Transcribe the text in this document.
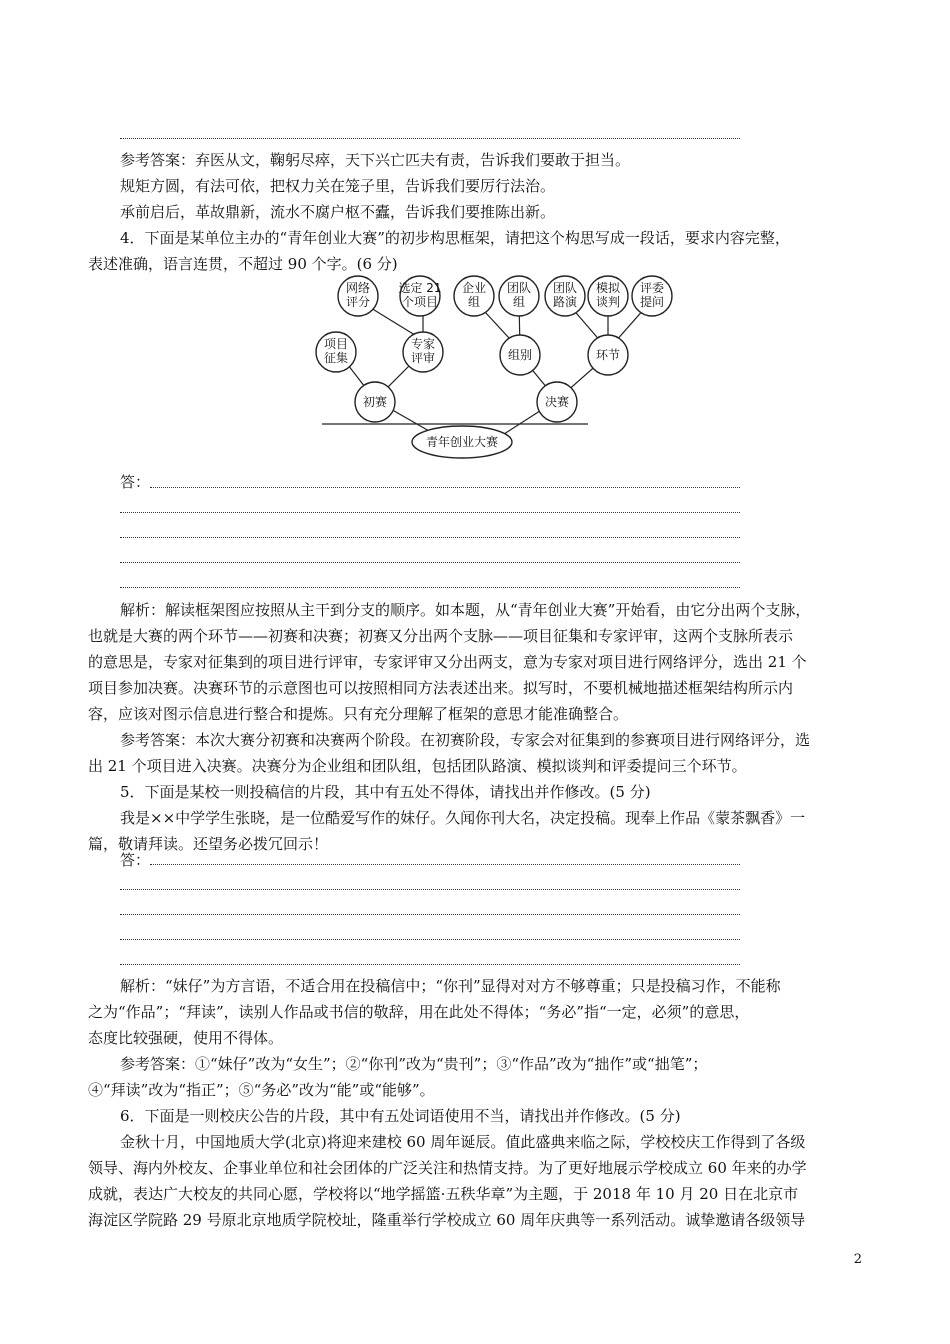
参考答案：弃医从文，鞠躬尽瘁，天下兴亡匹夫有责，告诉我们要敢于担当。
规矩方圆，有法可依，把权力关在笼子里，告诉我们要厉行法治。
承前启后，革故鼎新，流水不腐户枢不蠹，告诉我们要推陈出新。
4．下面是某单位主办的“青年创业大赛”的初步构思框架，请把这个构思写成一段话，要求内容完整，
表述准确，语言连贯，不超过 90 个字。(6 分)
网络
评分
选定 21
个项目
企业
组
团队
组
团队
路演
模拟
谈判
评委
提问
项目
征集
专家
评审	组别	环节
初赛	决赛
青年创业大赛
答：
解析：解读框架图应按照从主干到分支的顺序。如本题，从“青年创业大赛”开始看，由它分出两个支脉，
也就是大赛的两个环节——初赛和决赛；初赛又分出两个支脉——项目征集和专家评审，这两个支脉所表示
的意思是，专家对征集到的项目进行评审，专家评审又分出两支，意为专家对项目进行网络评分，选出 21 个
项目参加决赛。决赛环节的示意图也可以按照相同方法表述出来。拟写时，不要机械地描述框架结构所示内
容，应该对图示信息进行整合和提炼。只有充分理解了框架的意思才能准确整合。
参考答案：本次大赛分初赛和决赛两个阶段。在初赛阶段，专家会对征集到的参赛项目进行网络评分，选
出 21 个项目进入决赛。决赛分为企业组和团队组，包括团队路演、模拟谈判和评委提问三个环节。
5．下面是某校一则投稿信的片段，其中有五处不得体，请找出并作修改。(5 分)
我是××中学学生张晓，是一位酷爱写作的妹仔。久闻你刊大名，决定投稿。现奉上作品《蒙茶飘香》一
篇，敬请拜读。还望务必拨冗回示！
答：
解析：“妹仔”为方言语，不适合用在投稿信中；“你刊”显得对对方不够尊重；只是投稿习作，不能称
之为“作品”；“拜读”，读别人作品或书信的敬辞，用在此处不得体；“务必”指“一定，必须”的意思，
态度比较强硬，使用不得体。
参考答案：①“妹仔”改为“女生”；②“你刊”改为“贵刊”；③“作品”改为“拙作”或“拙笔”；
④“拜读”改为“指正”；⑤“务必”改为“能”或“能够”。
6．下面是一则校庆公告的片段，其中有五处词语使用不当，请找出并作修改。(5 分)
金秋十月，中国地质大学(北京)将迎来建校 60 周年诞辰。值此盛典来临之际，学校校庆工作得到了各级
领导、海内外校友、企事业单位和社会团体的广泛关注和热情支持。为了更好地展示学校成立 60 年来的办学
成就，表达广大校友的共同心愿，学校将以“地学摇篮·五秩华章”为主题，于 2018 年 10 月 20 日在北京市
海淀区学院路 29 号原北京地质学院校址，隆重举行学校成立 60 周年庆典等一系列活动。诚挚邀请各级领导
2
